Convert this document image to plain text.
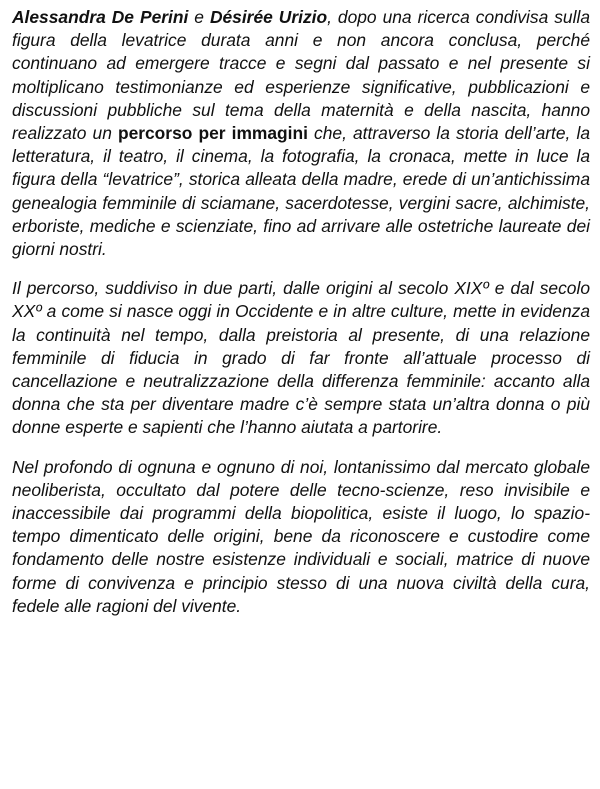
Alessandra De Perini e Désirée Urizio, dopo una ricerca condivisa sulla figura della levatrice durata anni e non ancora conclusa, perché continuano ad emergere tracce e segni dal passato e nel presente si moltiplicano testimonianze ed esperienze significative, pubblicazioni e discussioni pubbliche sul tema della maternità e della nascita, hanno realizzato un percorso per immagini che, attraverso la storia dell’arte, la letteratura, il teatro, il cinema, la fotografia, la cronaca, mette in luce la figura della “levatrice”, storica alleata della madre, erede di un’antichissima genealogia femminile di sciamane, sacerdotesse, vergini sacre, alchimiste, erboriste, mediche e scienziate, fino ad arrivare alle ostetriche laureate dei giorni nostri.

Il percorso, suddiviso in due parti, dalle origini al secolo XIXº e dal secolo XXº a come si nasce oggi in Occidente e in altre culture, mette in evidenza la continuità nel tempo, dalla preistoria al presente, di una relazione femminile di fiducia in grado di far fronte all’attuale processo di cancellazione e neutralizzazione della differenza femminile: accanto alla donna che sta per diventare madre c’è sempre stata un’altra donna o più donne esperte e sapienti che l’hanno aiutata a partorire.

Nel profondo di ognuna e ognuno di noi, lontanissimo dal mercato globale neoliberista, occultato dal potere delle tecno-scienze, reso invisibile e inaccessibile dai programmi della biopolitica, esiste il luogo, lo spazio-tempo dimenticato delle origini, bene da riconoscere e custodire come fondamento delle nostre esistenze individuali e sociali, matrice di nuove forme di convivenza e principio stesso di una nuova civiltà della cura, fedele alle ragioni del vivente.
